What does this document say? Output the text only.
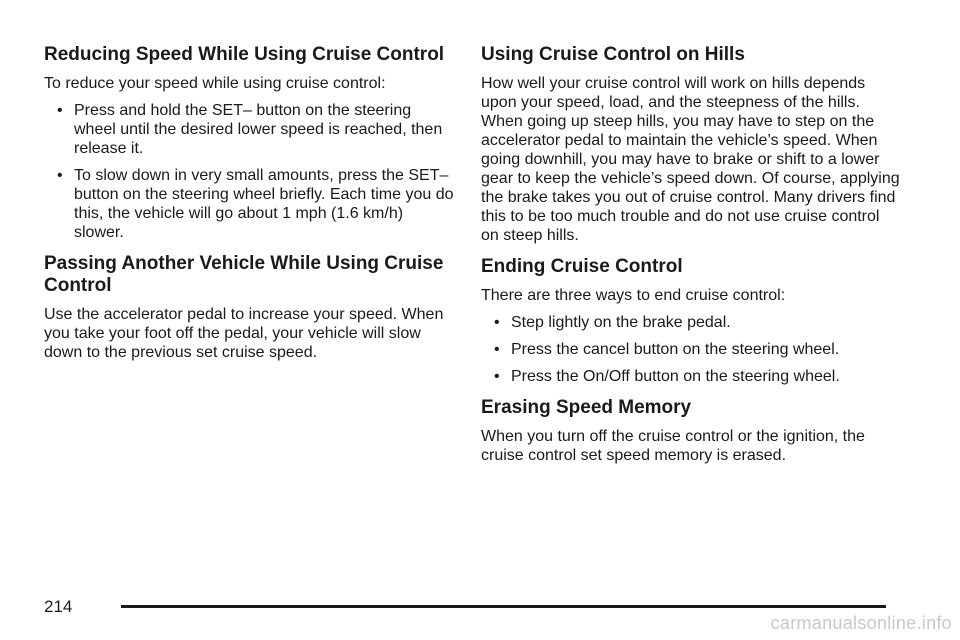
Reducing Speed While Using Cruise Control

To reduce your speed while using cruise control:

• Press and hold the SET– button on the steering wheel until the desired lower speed is reached, then release it.
• To slow down in very small amounts, press the SET– button on the steering wheel briefly. Each time you do this, the vehicle will go about 1 mph (1.6 km/h) slower.
Passing Another Vehicle While Using Cruise Control

Use the accelerator pedal to increase your speed. When you take your foot off the pedal, your vehicle will slow down to the previous set cruise speed.

Using Cruise Control on Hills

How well your cruise control will work on hills depends upon your speed, load, and the steepness of the hills. When going up steep hills, you may have to step on the accelerator pedal to maintain the vehicle’s speed. When going downhill, you may have to brake or shift to a lower gear to keep the vehicle’s speed down. Of course, applying the brake takes you out of cruise control. Many drivers find this to be too much trouble and do not use cruise control on steep hills.

Ending Cruise Control

There are three ways to end cruise control:

• Step lightly on the brake pedal.
• Press the cancel button on the steering wheel.
• Press the On/Off button on the steering wheel.
Erasing Speed Memory

When you turn off the cruise control or the ignition, the cruise control set speed memory is erased.

214
carmanualsonline.info
